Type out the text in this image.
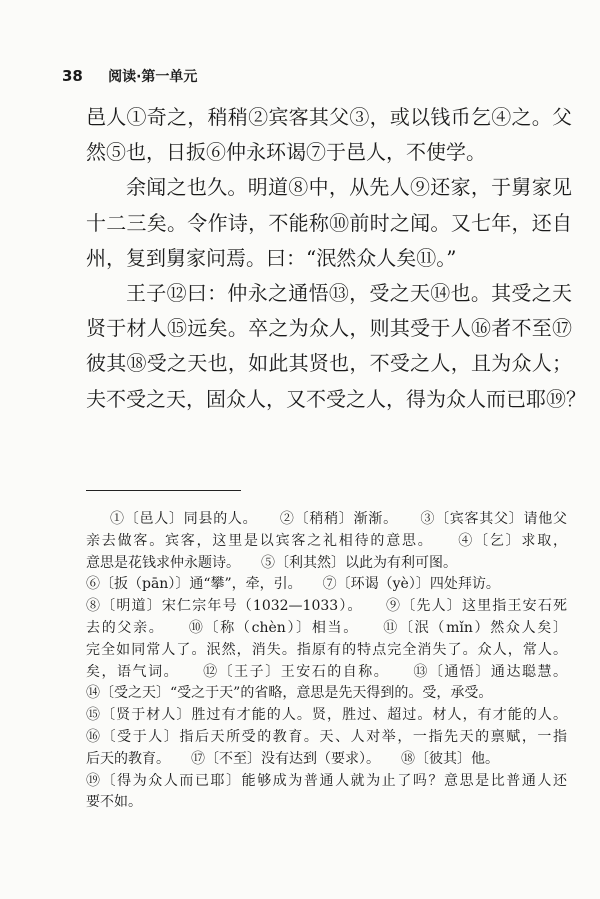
38 阅读·第一单元
邑人①奇之，稍稍②宾客其父③，或以钱币乞④之。父
然⑤也，日扳⑥仲永环谒⑦于邑人，不使学。
余闻之也久。明道⑧中，从先人⑨还家，于舅家见
十二三矣。令作诗，不能称⑩前时之闻。又七年，还自
州，复到舅家问焉。曰：“泯然众人矣⑪。”
王子⑫曰：仲永之通悟⑬，受之天⑭也。其受之天
贤于材人⑮远矣。卒之为众人，则其受于人⑯者不至⑰
彼其⑱受之天也，如此其贤也，不受之人，且为众人；
夫不受之天，固众人，又不受之人，得为众人而已耶⑲？
①〔邑人〕同县的人。　　②〔稍稍〕渐渐。　　③〔宾客其父〕请他父
亲去做客。宾客，这里是以宾客之礼相待的意思。　　④〔乞〕求取，
意思是花钱求仲永题诗。　　⑤〔利其然〕以此为有利可图。
⑥〔扳（pān）〕通“攀”，牵，引。　　⑦〔环谒（yè）〕四处拜访。
⑧〔明道〕宋仁宗年号（1032—1033）。　　⑨〔先人〕这里指王安石死
去的父亲。　　⑩〔称（chèn）〕相当。　　⑪〔泯（mǐn）然众人矣〕
完全如同常人了。泯然，消失。指原有的特点完全消失了。众人，常人。
矣，语气词。　　⑫〔王子〕王安石的自称。　　⑬〔通悟〕通达聪慧。
⑭〔受之天〕“受之于天”的省略，意思是先天得到的。受，承受。
⑮〔贤于材人〕胜过有才能的人。贤，胜过、超过。材人，有才能的人。
⑯〔受于人〕指后天所受的教育。天、人对举，一指先天的禀赋，一指
后天的教育。　　⑰〔不至〕没有达到（要求）。　　⑱〔彼其〕他。
⑲〔得为众人而已耶〕能够成为普通人就为止了吗？意思是比普通人还
要不如。
